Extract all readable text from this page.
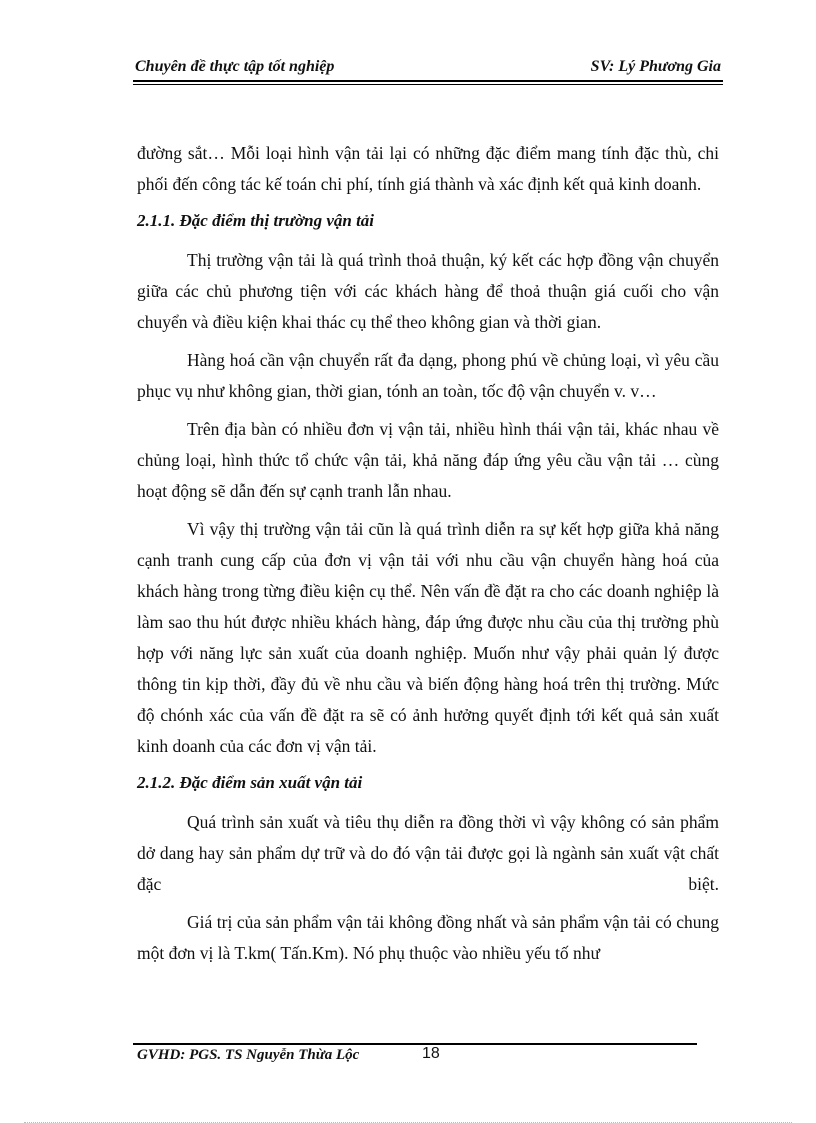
Chuyên đề thực tập tốt nghiệp	SV: Lý Phương Gia

đường sắt… Mỗi loại hình vận tải lại có những đặc điểm mang tính đặc thù, chi phối đến công tác kế toán chi phí, tính giá thành và xác định kết quả kinh doanh.

2.1.1. Đặc điểm thị trường vận tải

Thị trường vận tải là quá trình thoả thuận, ký kết các hợp đồng vận chuyển giữa các chủ phương tiện với các khách hàng để thoả thuận giá cuối cho vận chuyển và điều kiện khai thác cụ thể theo không gian và thời gian.

Hàng hoá cần vận chuyển rất đa dạng, phong phú về chủng loại, vì yêu cầu phục vụ như không gian, thời gian, tónh an toàn, tốc độ vận chuyển v. v…

Trên địa bàn có nhiều đơn vị vận tải, nhiều hình thái vận tải, khác nhau về chủng loại, hình thức tổ chức vận tải, khả năng đáp ứng yêu cầu vận tải … cùng hoạt động sẽ dẫn đến sự cạnh tranh lẫn nhau.

Vì vậy thị trường vận tải cũn là quá trình diễn ra sự kết hợp giữa khả năng cạnh tranh cung cấp của đơn vị vận tải với nhu cầu vận chuyển hàng hoá của khách hàng trong từng điều kiện cụ thể. Nên vấn đề đặt ra cho các doanh nghiệp là làm sao thu hút được nhiều khách hàng, đáp ứng được nhu cầu của thị trường phù hợp với năng lực sản xuất của doanh nghiệp. Muốn như vậy phải quản lý được thông tin kịp thời, đầy đủ về nhu cầu và biến động hàng hoá trên thị trường. Mức độ chónh xác của vấn đề đặt ra sẽ có ảnh hưởng quyết định tới kết quả sản xuất kinh doanh của các đơn vị vận tải.

2.1.2. Đặc điểm sản xuất vận tải

Quá trình sản xuất và tiêu thụ diễn ra đồng thời vì vậy không có sản phẩm dở dang hay sản phẩm dự trữ và do đó vận tải được gọi là ngành sản xuất vật chất đặc biệt.

Giá trị của sản phẩm vận tải không đồng nhất và sản phẩm vận tải có chung một đơn vị là T.km( Tấn.Km). Nó phụ thuộc vào nhiều yếu tố như

GVHD: PGS. TS Nguyễn Thừa Lộc	18
